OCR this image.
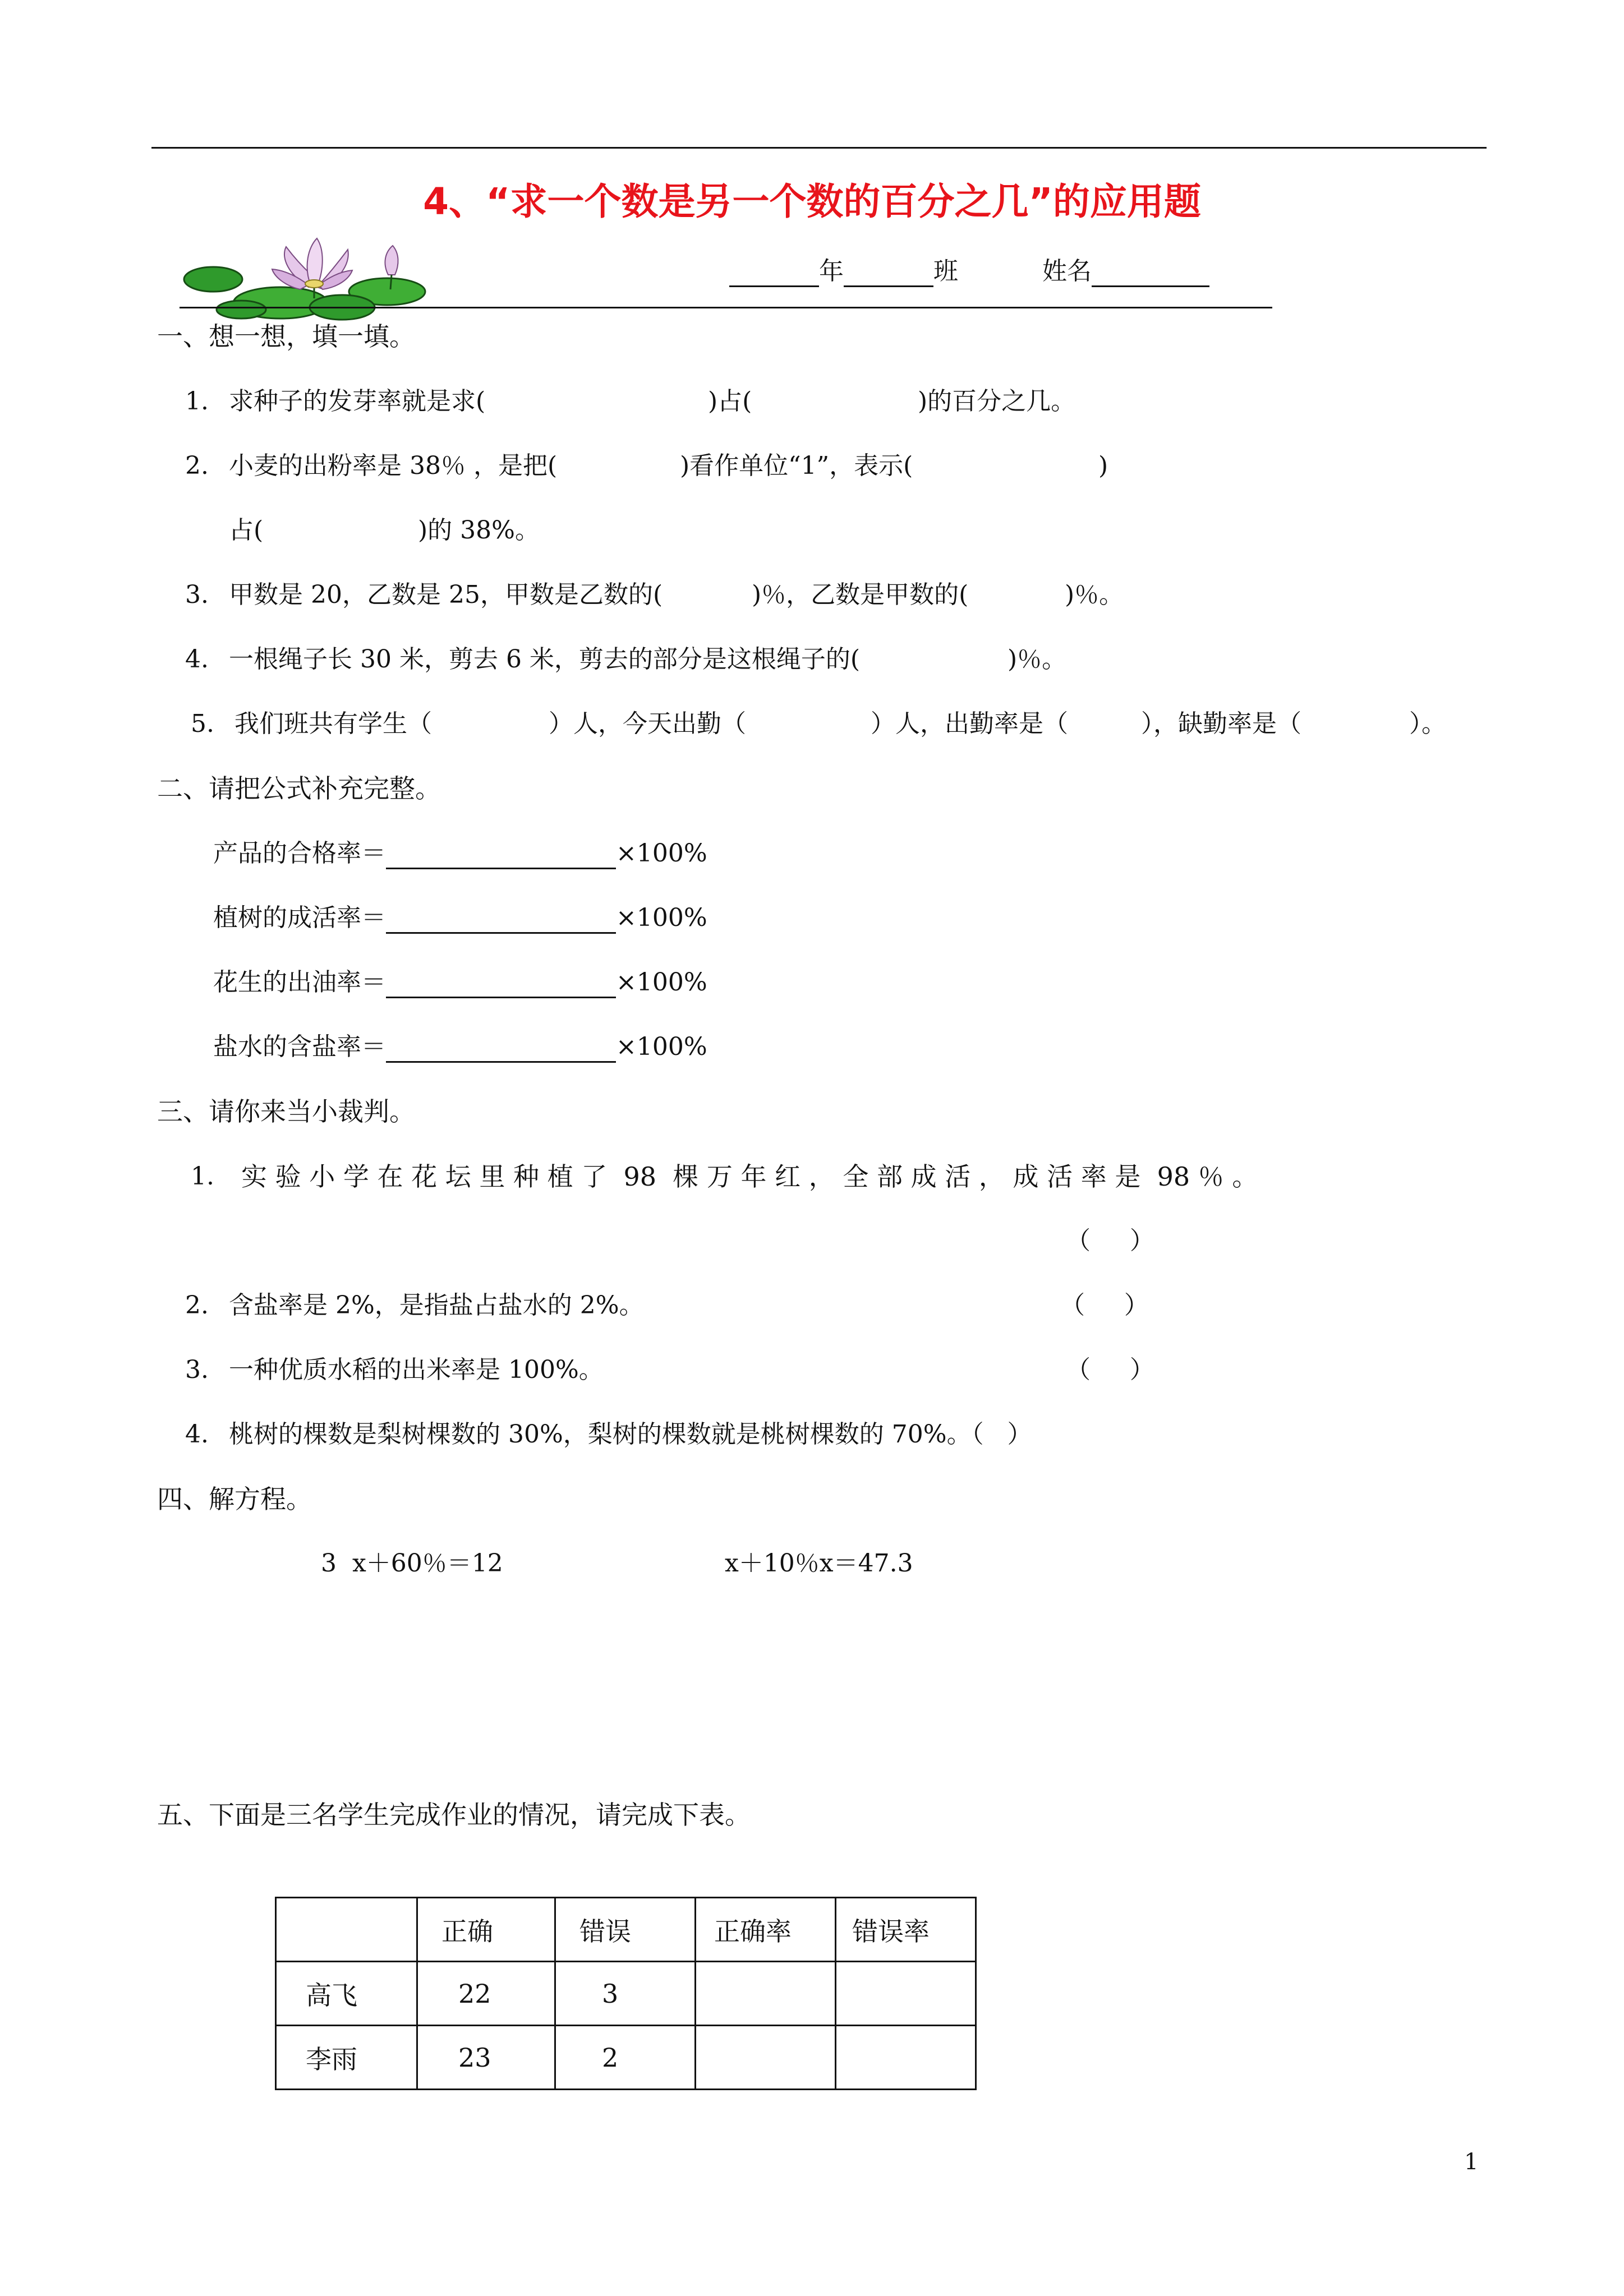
4、“求一个数是另一个数的百分之几”的应用题
年	班	姓名
一、想一想，填一填。
1. 求种子的发芽率就是求(	)占(	)的百分之几。
2. 小麦的出粉率是 38％ ，是把(	)看作单位“1”，表示(	)
占(	)的 38%。
3. 甲数是 20，乙数是 25，甲数是乙数的(	)％，乙数是甲数的(	)％。
4. 一根绳子长 30 米，剪去 6 米，剪去的部分是这根绳子的(	)％。
5. 我们班共有学生（	）人，今天出勤（	）人，出勤率是（	），缺勤率是（	）。
二、请把公式补充完整。
产品的合格率＝	×100%
植树的成活率＝	×100%
花生的出油率＝	×100%
盐水的含盐率＝	×100%
三、请你来当小裁判。
1. 实 验 小 学 在 花 坛 里 种 植 了  98  棵 万 年 红 ， 全 部 成 活 ， 成 活 率 是  98 ％ 。
（     ）
2. 含盐率是 2%，是指盐占盐水的 2%。	（     ）
3. 一种优质水稻的出米率是 100%。	（     ）
4. 桃树的棵数是梨树棵数的 30%，梨树的棵数就是桃树棵数的 70%。（   ）
四、解方程。
3  x＋60％＝12	x＋10％x＝47.3
五、下面是三名学生完成作业的情况，请完成下表。
	正确	错误	正确率	错误率
高飞	22	3		
李雨	23	2		
1
